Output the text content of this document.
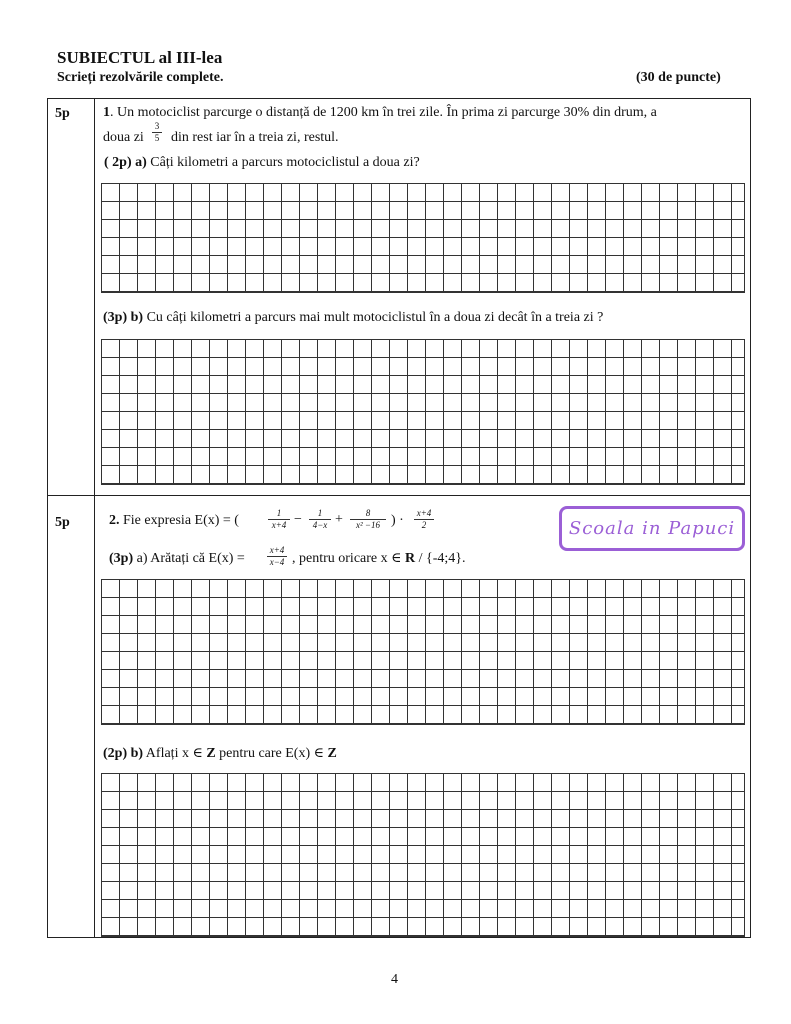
SUBIECTUL al III-lea
Scrieți rezolvările complete.	(30 de puncte)
5p 1. Un motociclist parcurge o distanță de 1200 km în trei zile. În prima zi parcurge 30% din drum, a
doua zi
3
5 din rest iar în a treia zi, restul.
( 2p) a) Câți kilometri a parcurs motociclistul a doua zi?
(3p) b) Cu câți kilometri a parcurs mai mult motociclistul în a doua zi decât în a treia zi ?
5p	2. Fie expresia E(x) = (	1
x+4 −	1
4−x +	8
x² −16 ) ·	x+4
2
(3p) a) Arătați că E(x) =
x+4
x−4 , pentru oricare x ∈ R / {-4;4}.
(2p) b) Aflați x ∈ Z pentru care E(x) ∈ Z
Scoala in Papuci
4
